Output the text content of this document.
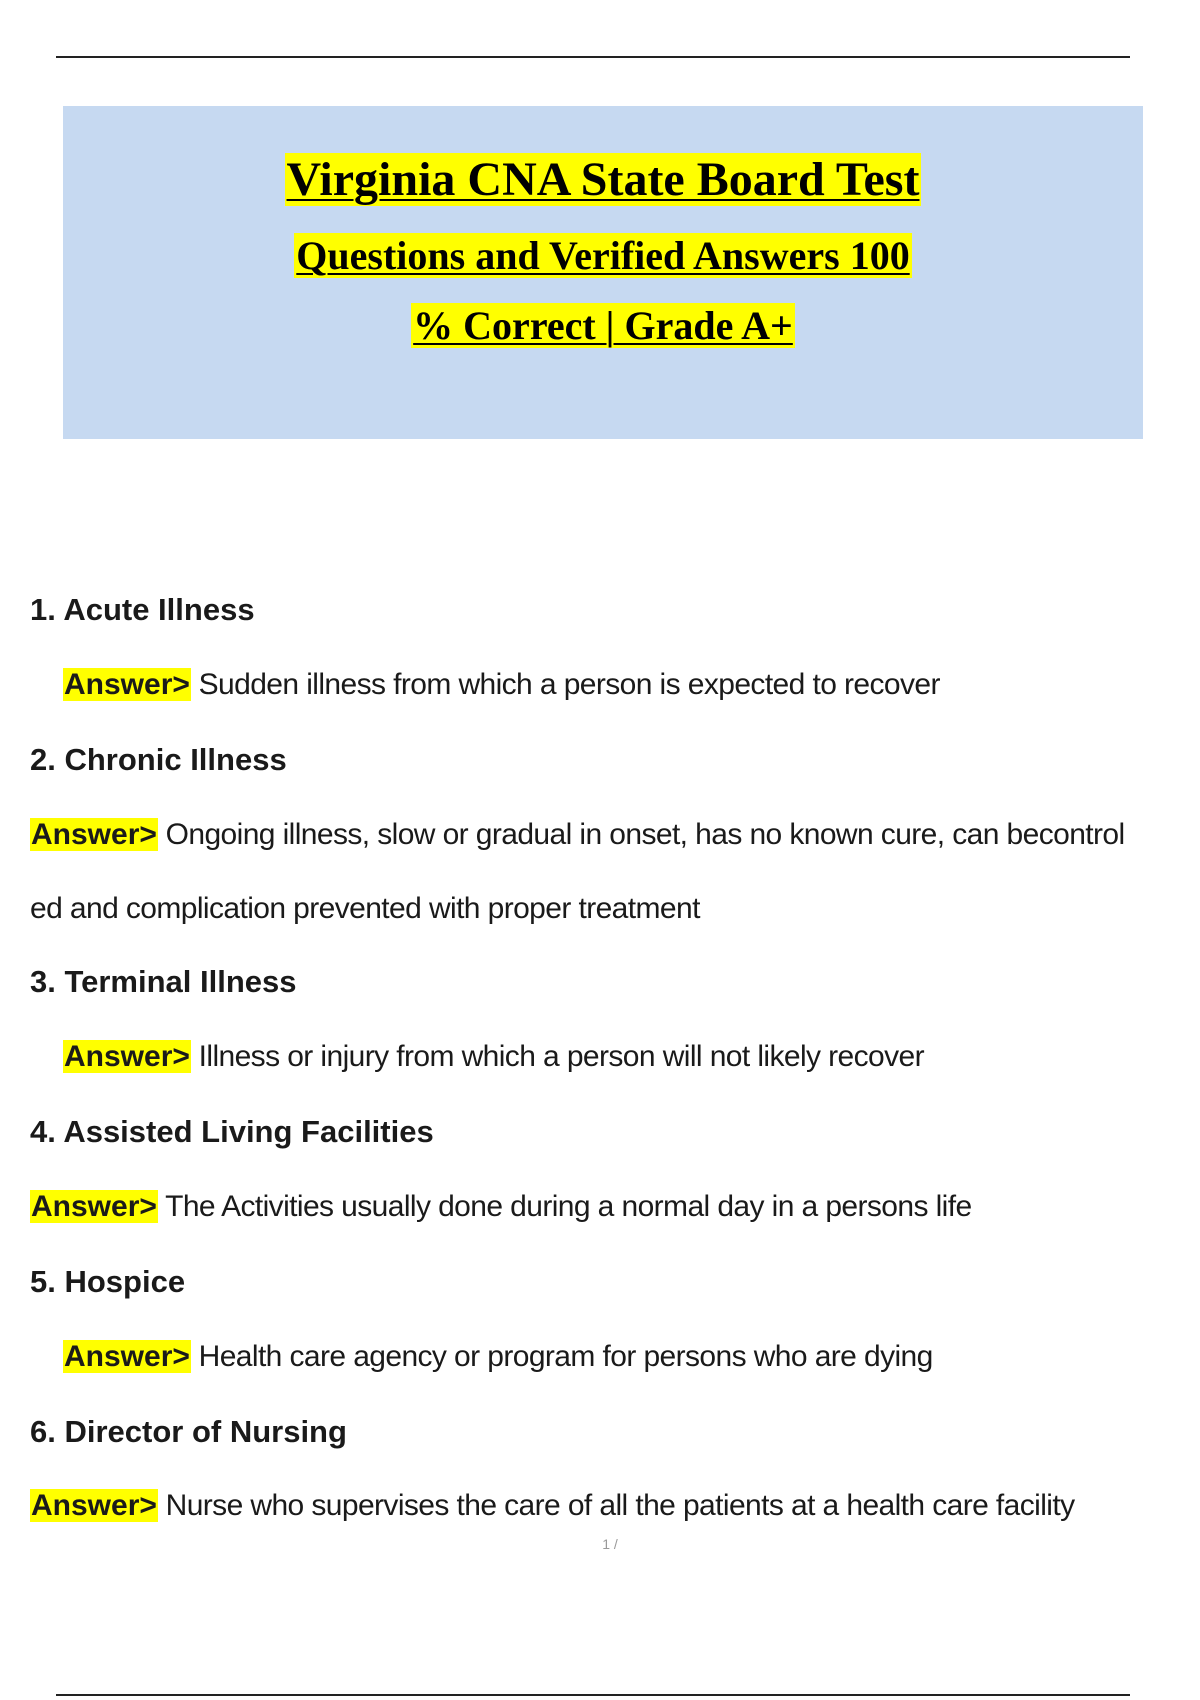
Virginia CNA State Board Test
Questions and Verified Answers 100
% Correct | Grade A+
1. Acute Illness
Answer> Sudden illness from which a person is expected to recover
2. Chronic Illness
Answer> Ongoing illness, slow or gradual in onset, has no known cure, can becontrol
ed and complication prevented with proper treatment
3. Terminal Illness
Answer> Illness or injury from which a person will not likely recover
4. Assisted Living Facilities
Answer> The Activities usually done during a normal day in a persons life
5. Hospice
Answer> Health care agency or program for persons who are dying
6. Director of Nursing
Answer> Nurse who supervises the care of all the patients at a health care facility
1 /
